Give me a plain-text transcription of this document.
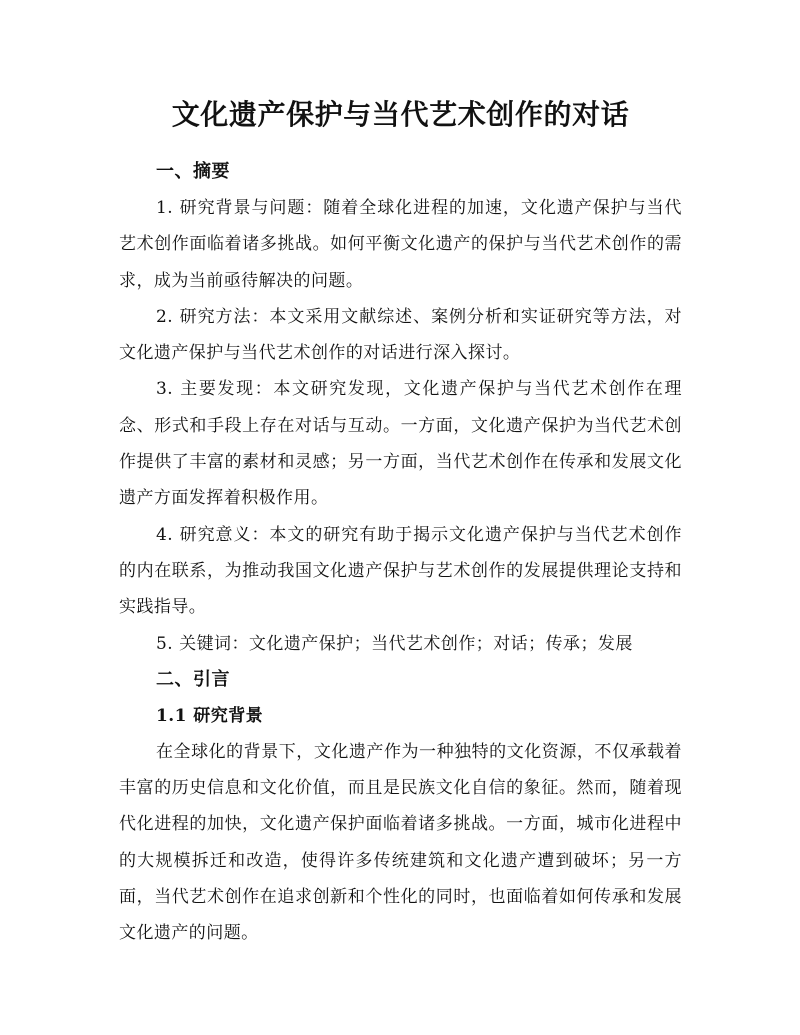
文化遗产保护与当代艺术创作的对话
一、摘要

1. 研究背景与问题：随着全球化进程的加速，文化遗产保护与当代艺术创作面临着诸多挑战。如何平衡文化遗产的保护与当代艺术创作的需求，成为当前亟待解决的问题。

2. 研究方法：本文采用文献综述、案例分析和实证研究等方法，对文化遗产保护与当代艺术创作的对话进行深入探讨。

3. 主要发现：本文研究发现，文化遗产保护与当代艺术创作在理念、形式和手段上存在对话与互动。一方面，文化遗产保护为当代艺术创作提供了丰富的素材和灵感；另一方面，当代艺术创作在传承和发展文化遗产方面发挥着积极作用。

4. 研究意义：本文的研究有助于揭示文化遗产保护与当代艺术创作的内在联系，为推动我国文化遗产保护与艺术创作的发展提供理论支持和实践指导。

5. 关键词：文化遗产保护；当代艺术创作；对话；传承；发展

二、引言
1.1 研究背景

在全球化的背景下，文化遗产作为一种独特的文化资源，不仅承载着丰富的历史信息和文化价值，而且是民族文化自信的象征。然而，随着现代化进程的加快，文化遗产保护面临着诸多挑战。一方面，城市化进程中的大规模拆迁和改造，使得许多传统建筑和文化遗产遭到破坏；另一方面，当代艺术创作在追求创新和个性化的同时，也面临着如何传承和发展文化遗产的问题。
